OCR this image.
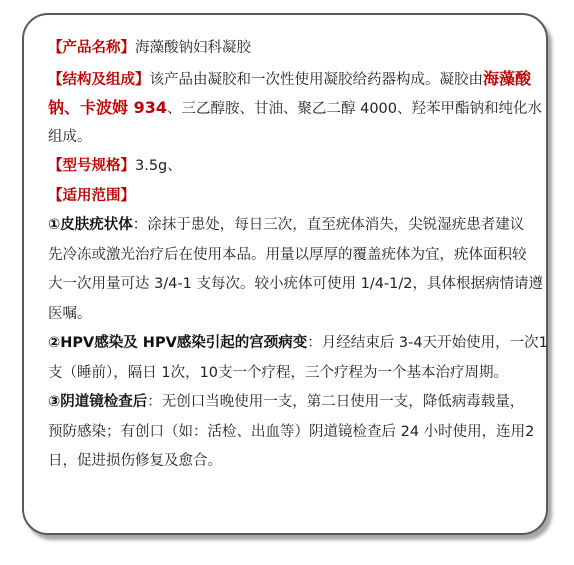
【产品名称】海藻酸钠妇科凝胶
【结构及组成】该产品由凝胶和一次性使用凝胶给药器构成。凝胶由海藻酸
钠、卡波姆 934、三乙醇胺、甘油、聚乙二醇 4000、羟苯甲酯钠和纯化水
组成。
【型号规格】3.5g、
【适用范围】
①皮肤疣状体：涂抹于患处，每日三次，直至疣体消失，尖锐湿疣患者建议
先冷冻或激光治疗后在使用本品。用量以厚厚的覆盖疣体为宜，疣体面积较
大一次用量可达 3/4-1 支每次。较小疣体可使用 1/4-1/2，具体根据病情请遵
医嘱。
②HPV感染及 HPV感染引起的宫颈病变：月经结束后 3-4天开始使用，一次1
支（睡前），隔日 1次，10支一个疗程，三个疗程为一个基本治疗周期。
③阴道镜检查后：无创口当晚使用一支，第二日使用一支，降低病毒载量，
预防感染；有创口（如：活检、出血等）阴道镜检查后 24 小时使用，连用2
日，促进损伤修复及愈合。
